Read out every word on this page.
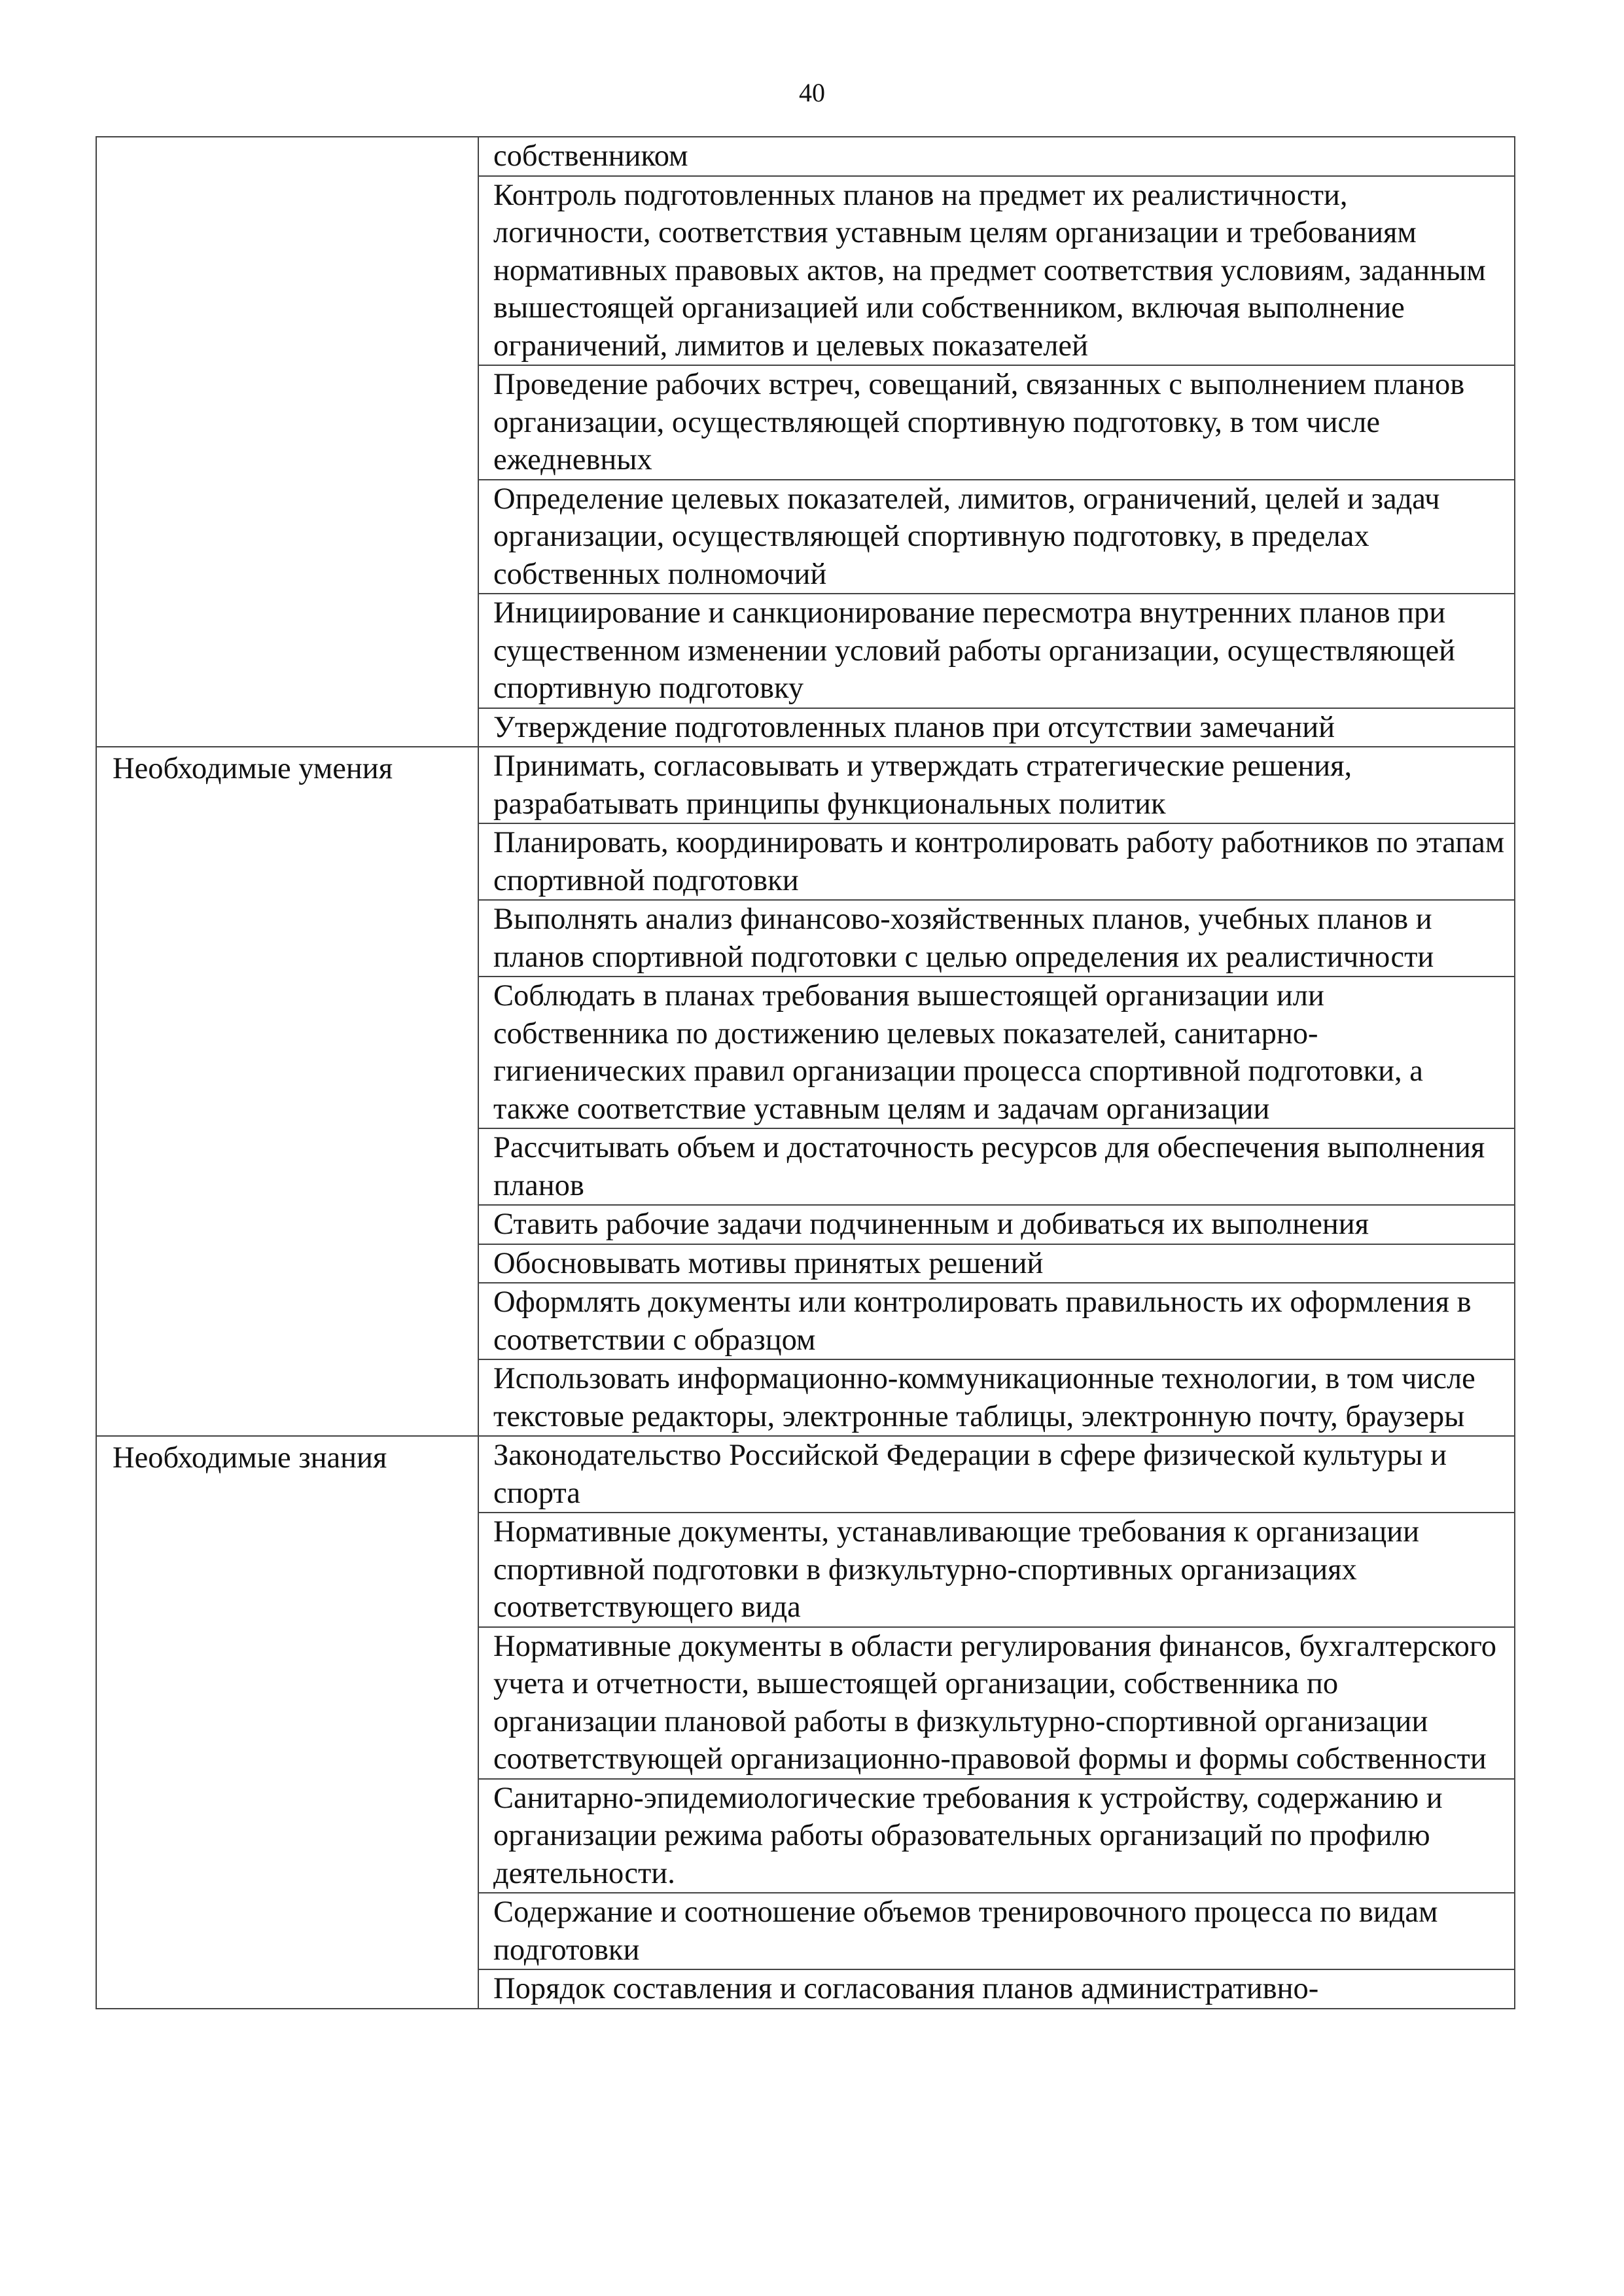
40
	собственником
	Контроль подготовленных планов на предмет их реалистичности, логичности, соответствия уставным целям организации и требованиям нормативных правовых актов, на предмет соответствия условиям, заданным вышестоящей организацией или собственником, включая выполнение ограничений, лимитов и целевых показателей
	Проведение рабочих встреч, совещаний, связанных с выполнением планов организации, осуществляющей спортивную подготовку, в том числе ежедневных
	Определение целевых показателей, лимитов, ограничений, целей и задач организации, осуществляющей спортивную подготовку, в пределах собственных полномочий
	Инициирование и санкционирование пересмотра внутренних планов при существенном изменении условий работы организации, осуществляющей спортивную подготовку
	Утверждение подготовленных планов при отсутствии замечаний
Необходимые умения	Принимать, согласовывать и утверждать стратегические решения, разрабатывать принципы функциональных политик
	Планировать, координировать и контролировать работу работников по этапам спортивной подготовки
	Выполнять анализ финансово-хозяйственных планов, учебных планов и планов спортивной подготовки с целью определения их реалистичности
	Соблюдать в планах требования вышестоящей организации или собственника по достижению целевых показателей, санитарно-гигиенических правил организации процесса спортивной подготовки, а также соответствие уставным целям и задачам организации
	Рассчитывать объем и достаточность ресурсов для обеспечения выполнения планов
	Ставить рабочие задачи подчиненным и добиваться их выполнения
	Обосновывать мотивы принятых решений
	Оформлять документы или контролировать правильность их оформления в соответствии с образцом
	Использовать информационно-коммуникационные технологии, в том числе текстовые редакторы, электронные таблицы, электронную почту, браузеры
Необходимые знания	Законодательство Российской Федерации в сфере физической культуры и спорта
	Нормативные документы, устанавливающие требования к организации спортивной подготовки в физкультурно-спортивных организациях соответствующего вида
	Нормативные документы в области регулирования финансов, бухгалтерского учета и отчетности, вышестоящей организации, собственника по организации плановой работы в физкультурно-спортивной организации соответствующей организационно-правовой формы и формы собственности
	Санитарно-эпидемиологические требования к устройству, содержанию и организации режима работы образовательных организаций по профилю деятельности.
	Содержание и соотношение объемов тренировочного процесса по видам подготовки
	Порядок составления и согласования планов административно-
